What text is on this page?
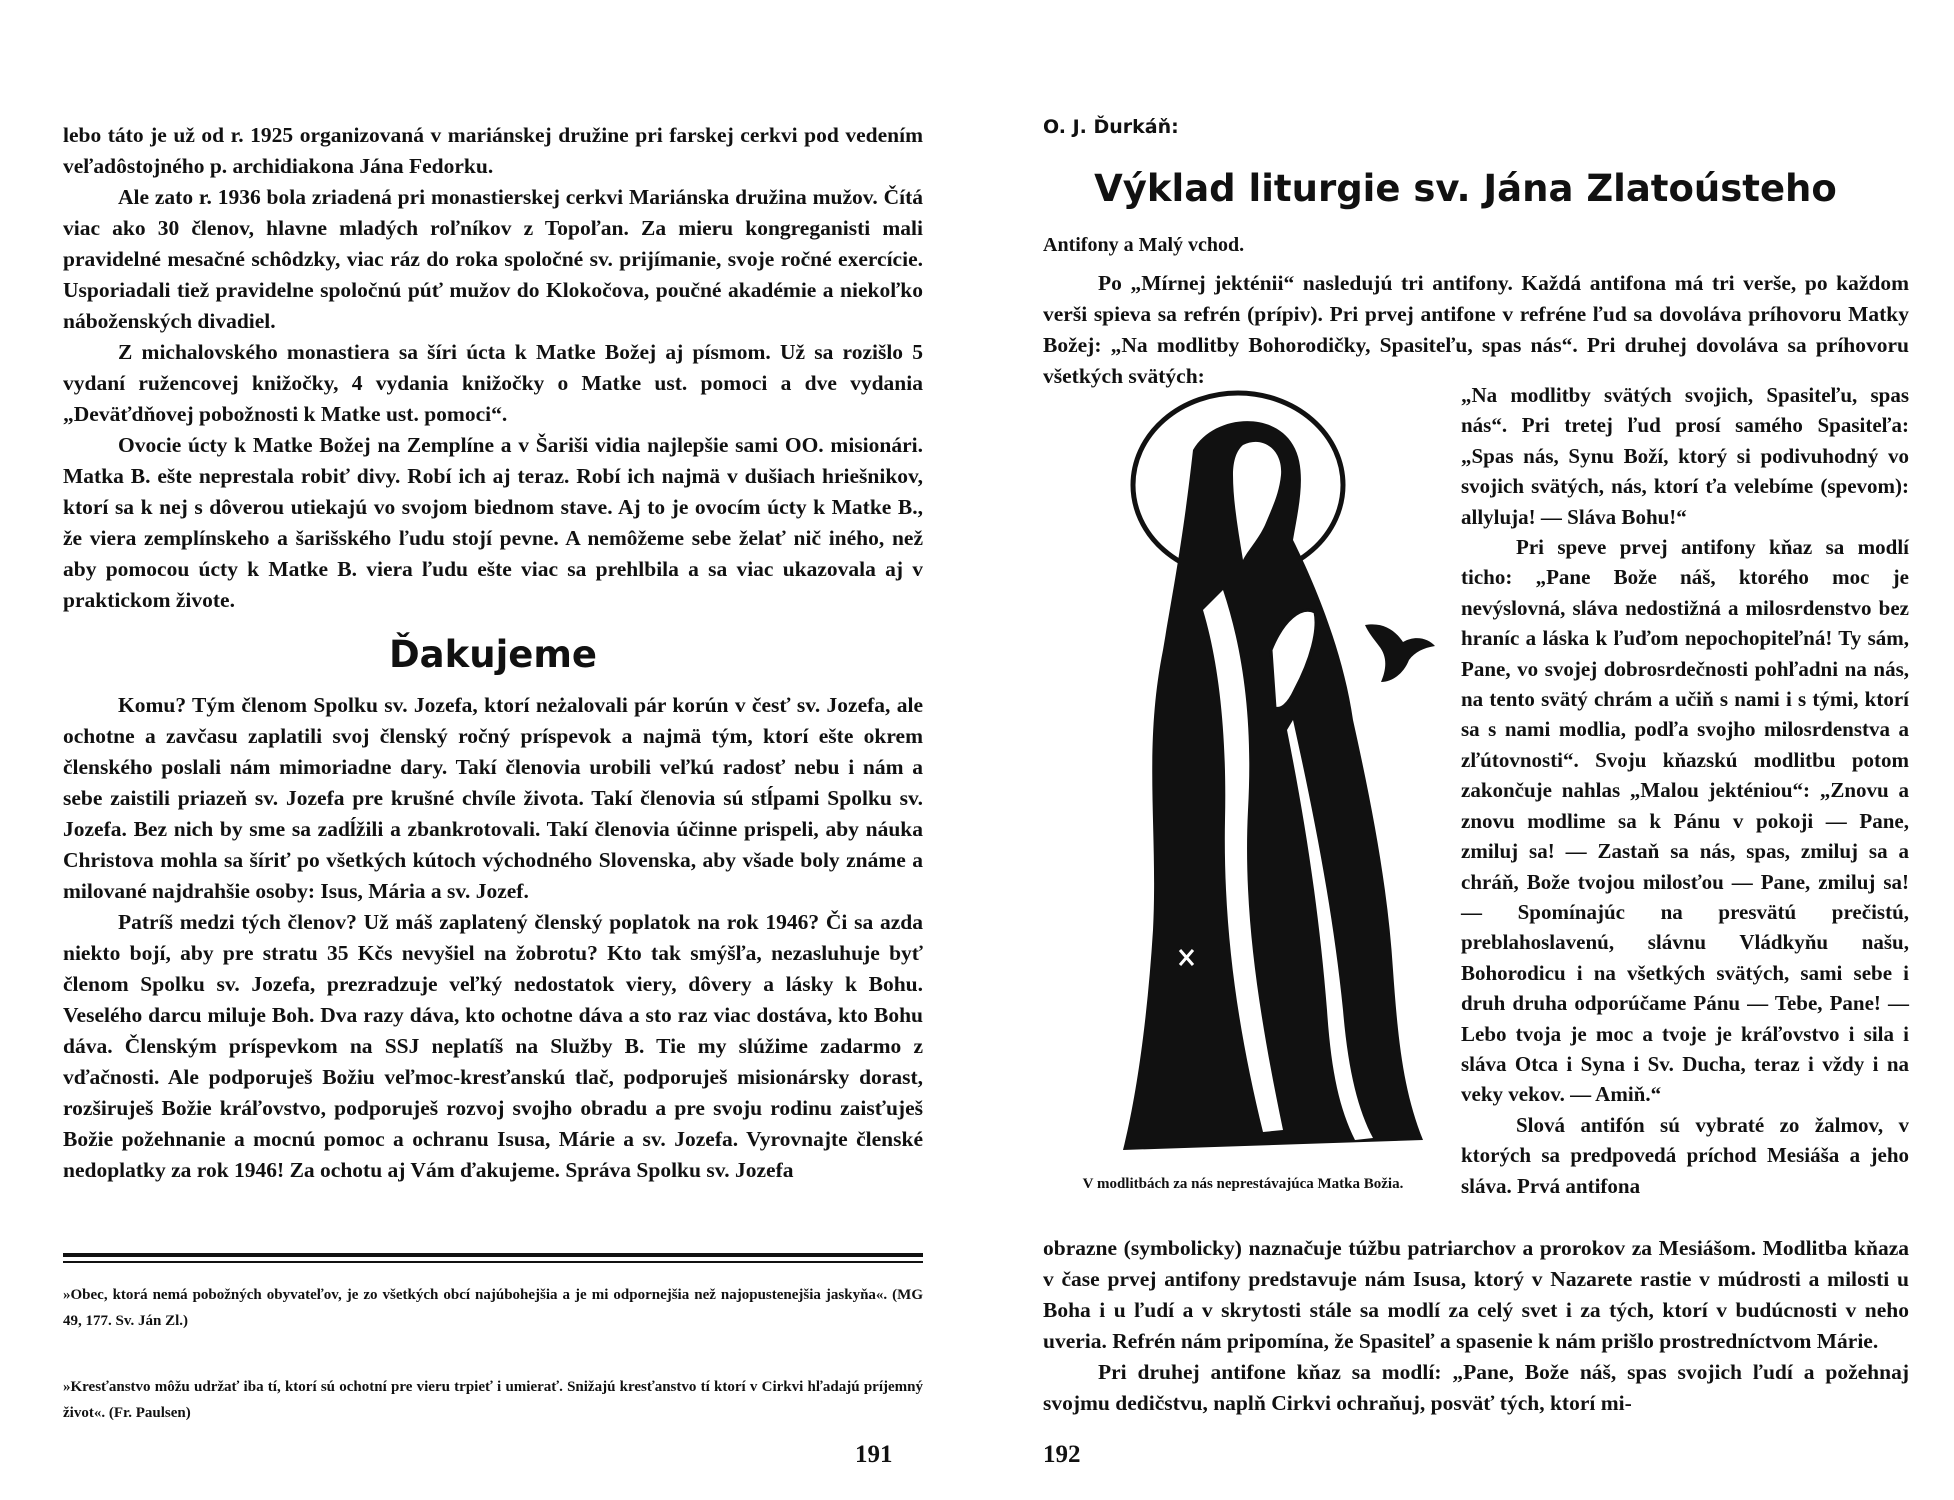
lebo táto je už od r. 1925 organizovaná v mariánskej družine pri farskej cerkvi pod vedením veľadôstojného p. archidiakona Jána Fedorku.

Ale zato r. 1936 bola zriadená pri monastierskej cerkvi Mariánska družina mužov. Čítá viac ako 30 členov, hlavne mladých roľníkov z Topoľan. Za mieru kongreganisti mali pravidelné mesačné schôdzky, viac ráz do roka spoločné sv. prijímanie, svoje ročné exercície. Usporiadali tiež pravidelne spoločnú púť mužov do Klokočova, poučné akadémie a niekoľko náboženských divadiel.

Z michalovského monastiera sa šíri úcta k Matke Božej aj písmom. Už sa rozišlo 5 vydaní ružencovej knižočky, 4 vydania knižočky o Matke ust. pomoci a dve vydania „Deväťdňovej pobožnosti k Matke ust. pomoci“.

Ovocie úcty k Matke Božej na Zemplíne a v Šariši vidia najlepšie sami OO. misionári. Matka B. ešte neprestala robiť divy. Robí ich aj teraz. Robí ich najmä v dušiach hriešnikov, ktorí sa k nej s dôverou utiekajú vo svojom biednom stave. Aj to je ovocím úcty k Matke B., že viera zemplínskeho a šarišského ľudu stojí pevne. A nemôžeme sebe želať nič iného, než aby pomocou úcty k Matke B. viera ľudu ešte viac sa prehlbila a sa viac ukazovala aj v praktickom živote.

Ďakujeme

Komu? Tým členom Spolku sv. Jozefa, ktorí neżalovali pár korún v česť sv. Jozefa, ale ochotne a zavčasu zaplatili svoj členský ročný príspevok a najmä tým, ktorí ešte okrem členského poslali nám mimoriadne dary. Takí členovia urobili veľkú radosť nebu i nám a sebe zaistili priazeň sv. Jozefa pre krušné chvíle života. Takí členovia sú stĺpami Spolku sv. Jozefa. Bez nich by sme sa zadĺžili a zbankrotovali. Takí členovia účinne prispeli, aby náuka Christova mohla sa šíriť po všetkých kútoch východného Slovenska, aby všade boly známe a milované najdrahšie osoby: Isus, Mária a sv. Jozef.

Patríš medzi tých členov? Už máš zaplatený členský poplatok na rok 1946? Či sa azda niekto bojí, aby pre stratu 35 Kčs nevyšiel na žobrotu? Kto tak smýšľa, nezasluhuje byť členom Spolku sv. Jozefa, prezradzuje veľký nedostatok viery, dôvery a lásky k Bohu. Veselého darcu miluje Boh. Dva razy dáva, kto ochotne dáva a sto raz viac dostáva, kto Bohu dáva. Členským príspevkom na SSJ neplatíš na Služby B. Tie my slúžime zadarmo z vďačnosti. Ale podporuješ Božiu veľmoc-kresťanskú tlač, podporuješ misionársky dorast, rozširuješ Božie kráľovstvo, podporuješ rozvoj svojho obradu a pre svoju rodinu zaisťuješ Božie požehnanie a mocnú pomoc a ochranu Isusa, Márie a sv. Jozefa. Vyrovnajte členské nedoplatky za rok 1946! Za ochotu aj Vám ďakujeme. Správa Spolku sv. Jozefa

»Obec, ktorá nemá pobožných obyvateľov, je zo všetkých obcí najúbohejšia a je mi odpornejšia než najopustenejšia jaskyňa«. (MG 49, 177. Sv. Ján Zl.)

»Kresťanstvo môžu udržať iba tí, ktorí sú ochotní pre vieru trpieť i umierať. Snižajú kresťanstvo tí ktorí v Cirkvi hľadajú príjemný život«. (Fr. Paulsen)

191

O. J. Ďurkáň:

Výklad liturgie sv. Jána Zlatoústeho

Antifony a Malý vchod.

Po „Mírnej jekténii“ nasledujú tri antifony. Každá antifona má tri verše, po každom verši spieva sa refrén (prípiv). Pri prvej antifone v refréne ľud sa dovoláva príhovoru Matky Božej: „Na modlitby Bohorodičky, Spasiteľu, spas nás“. Pri druhej dovoláva sa príhovoru všetkých svätých:

V modlitbách za nás neprestávajúca Matka Božia.

„Na modlitby svätých svojich, Spasiteľu, spas nás“. Pri tretej ľud prosí samého Spasiteľa: „Spas nás, Synu Boží, ktorý si podivuhodný vo svojich svätých, nás, ktorí ťa velebíme (spevom): allyluja! — Sláva Bohu!“

Pri speve prvej antifony kňaz sa modlí ticho: „Pane Bože náš, ktorého moc je nevýslovná, sláva nedostižná a milosrdenstvo bez hraníc a láska k ľuďom nepochopiteľná! Ty sám, Pane, vo svojej dobrosrdečnosti pohľadni na nás, na tento svätý chrám a učiň s nami i s tými, ktorí sa s nami modlia, podľa svojho milosrdenstva a zľútovnosti“. Svoju kňazskú modlitbu potom zakončuje nahlas „Malou jekténiou“: „Znovu a znovu modlime sa k Pánu v pokoji — Pane, zmiluj sa! — Zastaň sa nás, spas, zmiluj sa a chráň, Bože tvojou milosťou — Pane, zmiluj sa! — Spomínajúc na presvätú prečistú, preblahoslavenú, slávnu Vládkyňu našu, Bohorodicu i na všetkých svätých, sami sebe i druh druha odporúčame Pánu — Tebe, Pane! — Lebo tvoja je moc a tvoje je kráľovstvo i sila i sláva Otca i Syna i Sv. Ducha, teraz i vždy i na veky vekov. — Amiň.“

Slová antifón sú vybraté zo žalmov, v ktorých sa predpovedá príchod Mesiáša a jeho sláva. Prvá antifona

obrazne (symbolicky) naznačuje túžbu patriarchov a prorokov za Mesiášom. Modlitba kňaza v čase prvej antifony predstavuje nám Isusa, ktorý v Nazarete rastie v múdrosti a milosti u Boha i u ľudí a v skrytosti stále sa modlí za celý svet i za tých, ktorí v budúcnosti v neho uveria. Refrén nám pripomína, že Spasiteľ a spasenie k nám prišlo prostredníctvom Márie.

Pri druhej antifone kňaz sa modlí: „Pane, Bože náš, spas svojich ľudí a požehnaj svojmu dedičstvu, naplň Cirkvi ochraňuj, posväť tých, ktorí mi-

192
